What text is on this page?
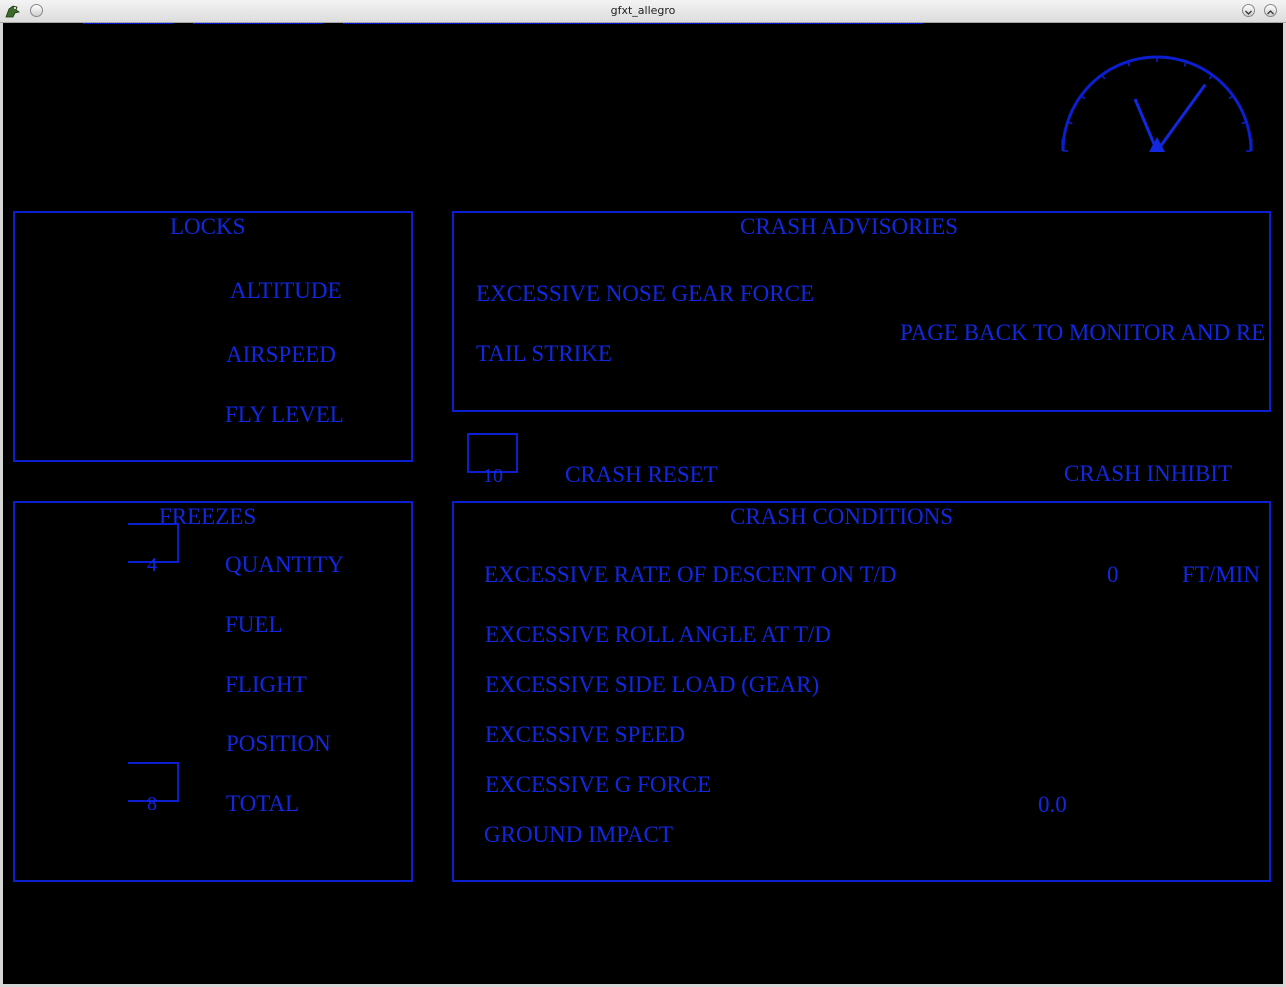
gfxt_allegro
LOCKS
ALTITUDE
AIRSPEED
FLY LEVEL
CRASH ADVISORIES
EXCESSIVE NOSE GEAR FORCE
TAIL STRIKE
PAGE BACK TO MONITOR AND RE
10	CRASH RESET	CRASH INHIBIT
FREEZES
4	QUANTITY
FUEL
FLIGHT
POSITION
8	TOTAL
CRASH CONDITIONS
EXCESSIVE RATE OF DESCENT ON T/D	0	FT/MIN
EXCESSIVE ROLL ANGLE AT T/D
EXCESSIVE SIDE LOAD (GEAR)
EXCESSIVE SPEED
EXCESSIVE G FORCE
0.0
GROUND IMPACT
